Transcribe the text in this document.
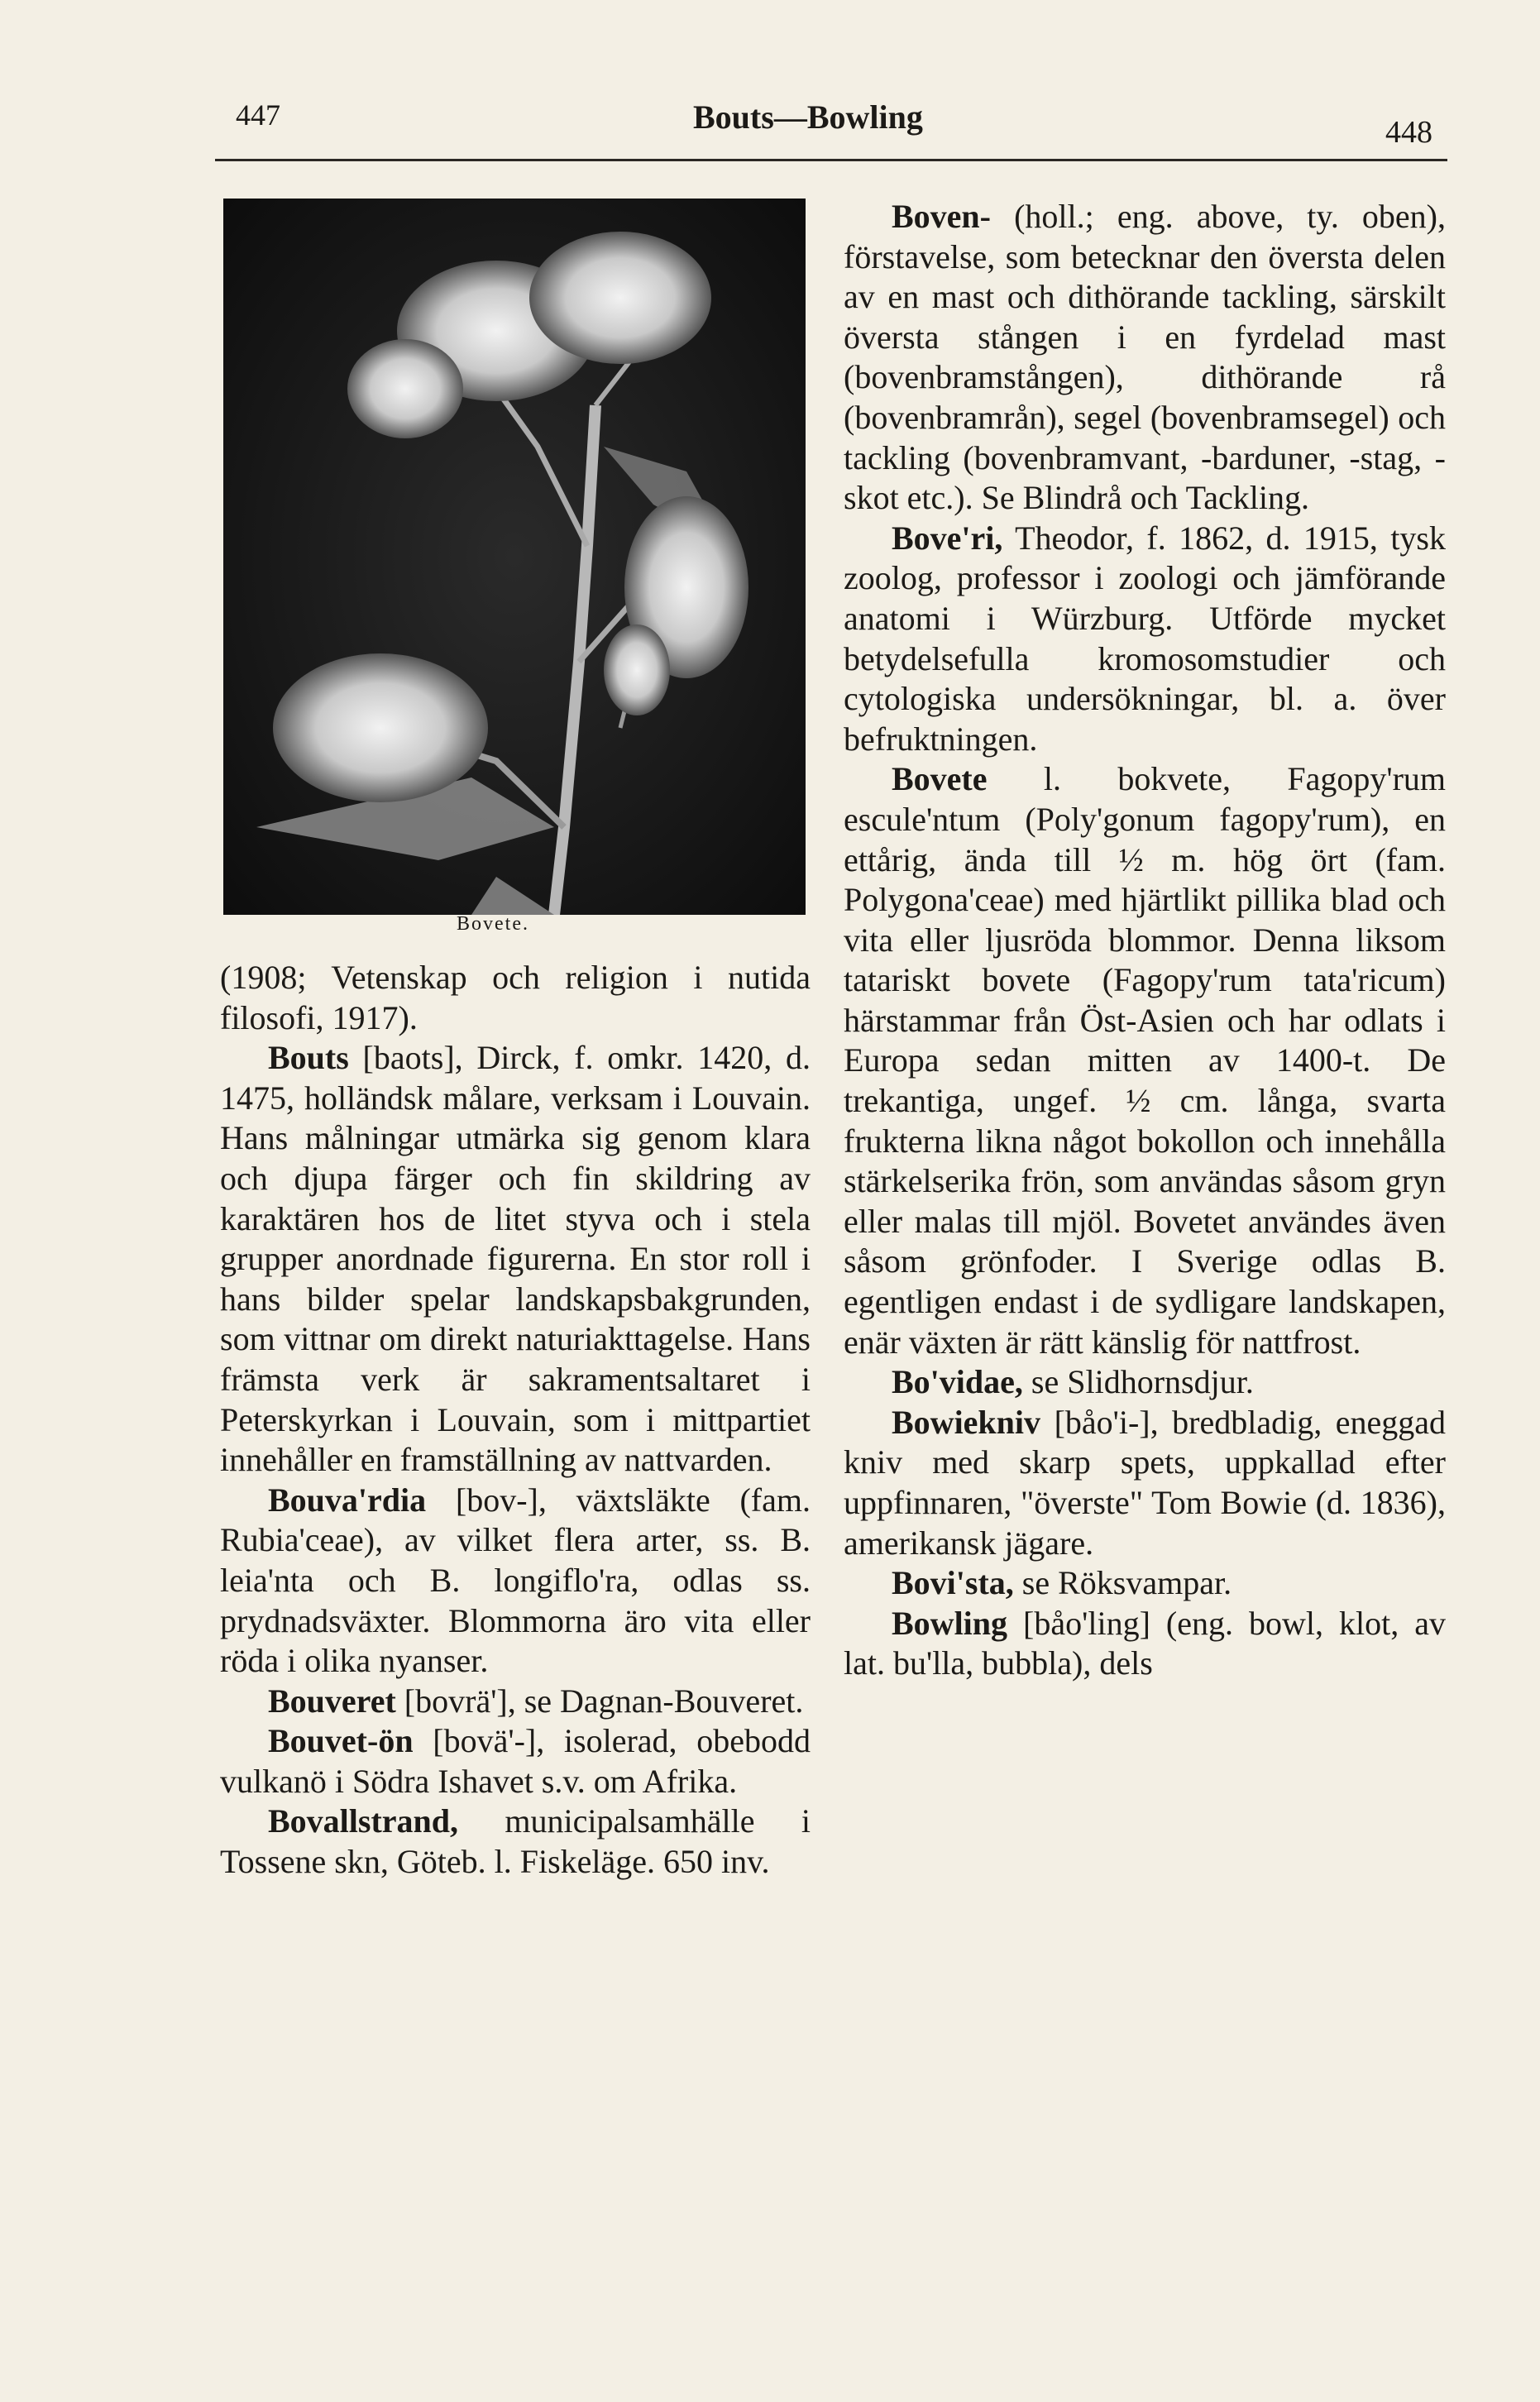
447	Bouts—Bowling	448
Bovete.

(1908; Vetenskap och religion i nutida filosofi, 1917).

Bouts [baots], Dirck, f. omkr. 1420, d. 1475, holländsk målare, verksam i Louvain. Hans målningar utmärka sig genom klara och djupa färger och fin skildring av karaktären hos de litet styva och i stela grupper anordnade figurerna. En stor roll i hans bilder spelar landskapsbakgrunden, som vittnar om direkt naturiakttagelse. Hans främsta verk är sakramentsaltaret i Peterskyrkan i Louvain, som i mittpartiet innehåller en framställning av nattvarden.

Bouva'rdia [bov-], växtsläkte (fam. Rubia'ceae), av vilket flera arter, ss. B. leia'nta och B. longiflo'ra, odlas ss. prydnadsväxter. Blommorna äro vita eller röda i olika nyanser.

Bouveret [bovrä'], se Dagnan-Bouveret.

Bouvet-ön [bovä'-], isolerad, obebodd vulkanö i Södra Ishavet s.v. om Afrika.

Bovallstrand, municipalsamhälle i Tossene skn, Göteb. l. Fiskeläge. 650 inv.

Boven- (holl.; eng. above, ty. oben), förstavelse, som betecknar den översta delen av en mast och dithörande tackling, särskilt översta stången i en fyrdelad mast (bovenbramstången), dithörande rå (bovenbramrån), segel (bovenbramsegel) och tackling (bovenbramvant, -barduner, -stag, -skot etc.). Se Blindrå och Tackling.

Bove'ri, Theodor, f. 1862, d. 1915, tysk zoolog, professor i zoologi och jämförande anatomi i Würzburg. Utförde mycket betydelsefulla kromosomstudier och cytologiska undersökningar, bl. a. över befruktningen.

Bovete l. bokvete, Fagopy'rum escule'ntum (Poly'gonum fagopy'rum), en ettårig, ända till ½ m. hög ört (fam. Polygona'ceae) med hjärtlikt pillika blad och vita eller ljusröda blommor. Denna liksom tatariskt bovete (Fagopy'rum tata'ricum) härstammar från Öst-Asien och har odlats i Europa sedan mitten av 1400-t. De trekantiga, ungef. ½ cm. långa, svarta frukterna likna något bokollon och innehålla stärkelserika frön, som användas såsom gryn eller malas till mjöl. Bovetet användes även såsom grönfoder. I Sverige odlas B. egentligen endast i de sydligare landskapen, enär växten är rätt känslig för nattfrost.

Bo'vidae, se Slidhornsdjur.

Bowiekniv [båo'i-], bredbladig, eneggad kniv med skarp spets, uppkallad efter uppfinnaren, "överste" Tom Bowie (d. 1836), amerikansk jägare.

Bovi'sta, se Röksvampar.

Bowling [båo'ling] (eng. bowl, klot, av lat. bu'lla, bubbla), dels
